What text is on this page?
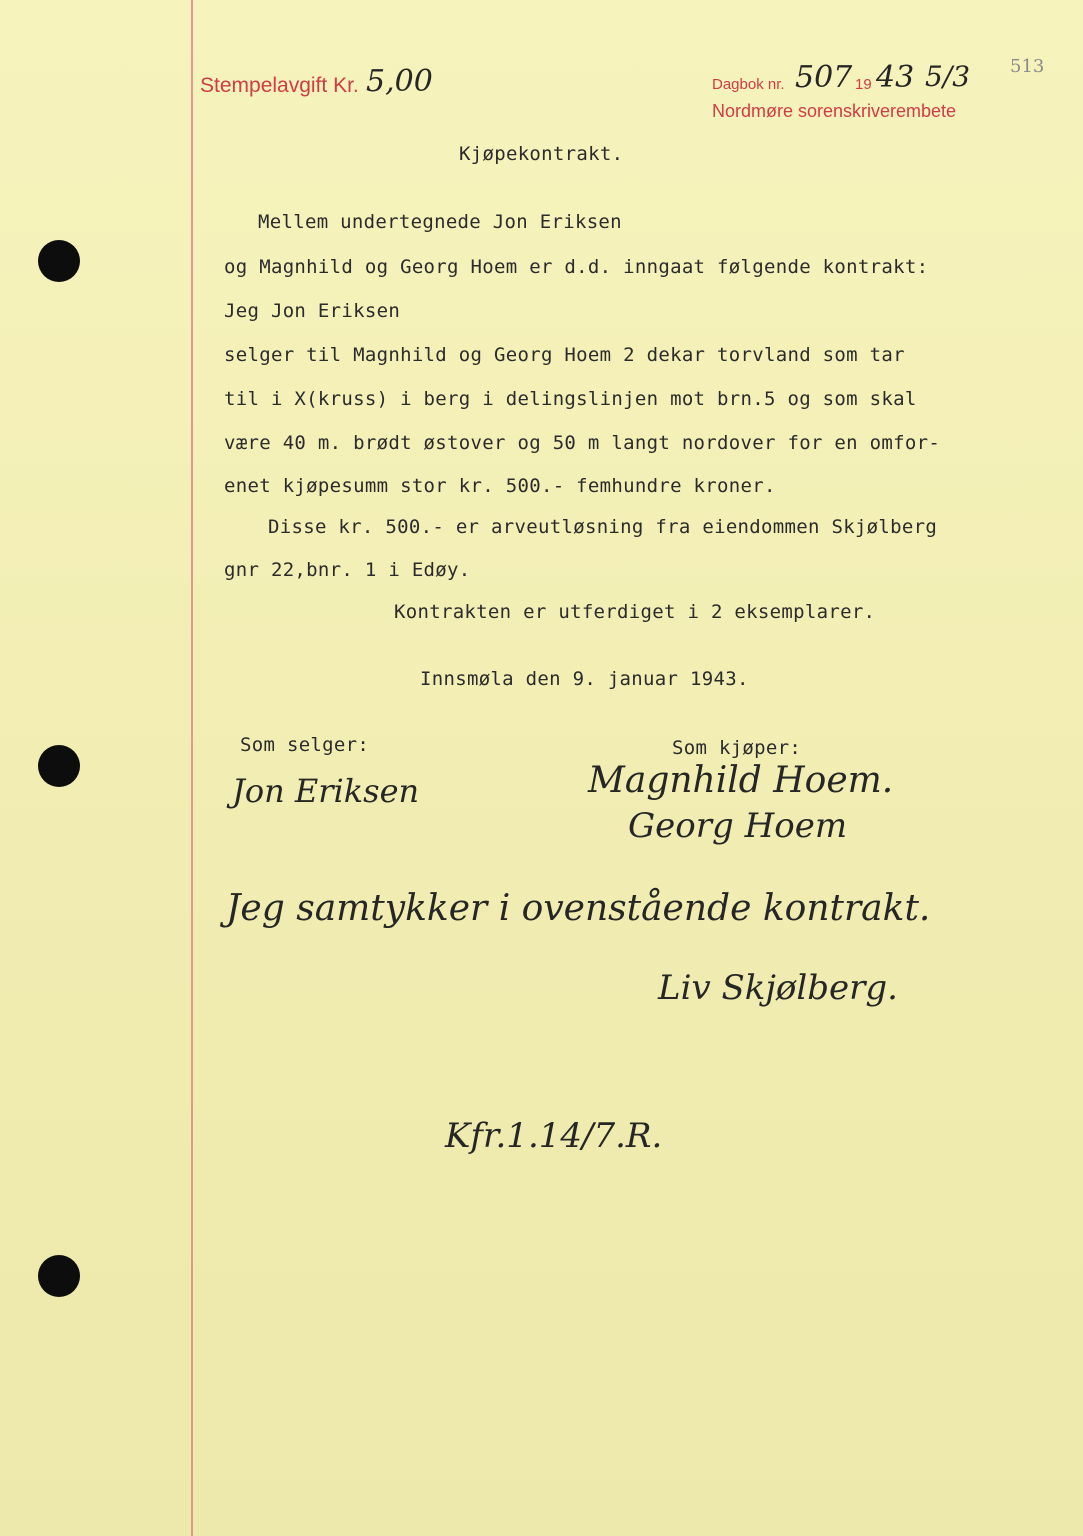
Stempelavgift Kr. 5,00	Dagbok nr. 507 19 43 5/3
Nordmøre sorenskriverembete
513
Kjøpekontrakt.
Mellem undertegnede Jon Eriksen
og Magnhild og Georg Hoem er d.d. inngaat følgende kontrakt:
Jeg Jon Eriksen
selger til Magnhild og Georg Hoem 2 dekar torvland som tar
til i X(kruss) i berg i delingslinjen mot brn.5 og som skal
være 40 m. brødt østover og 50 m langt nordover for en omfor-
enet kjøpesumm stor kr. 500.- femhundre kroner.
Disse kr. 500.- er arveutløsning fra eiendommen Skjølberg
gnr 22,bnr. 1 i Edøy.
Kontrakten er utferdiget i 2 eksemplarer.
Innsmøla den 9. januar 1943.
Som selger:	Som kjøper:
Jon Eriksen	Magnhild Hoem.
Georg Hoem
Jeg samtykker i ovenstående kontrakt.
Liv Skjølberg.
Kfr.1.14/7.R.
